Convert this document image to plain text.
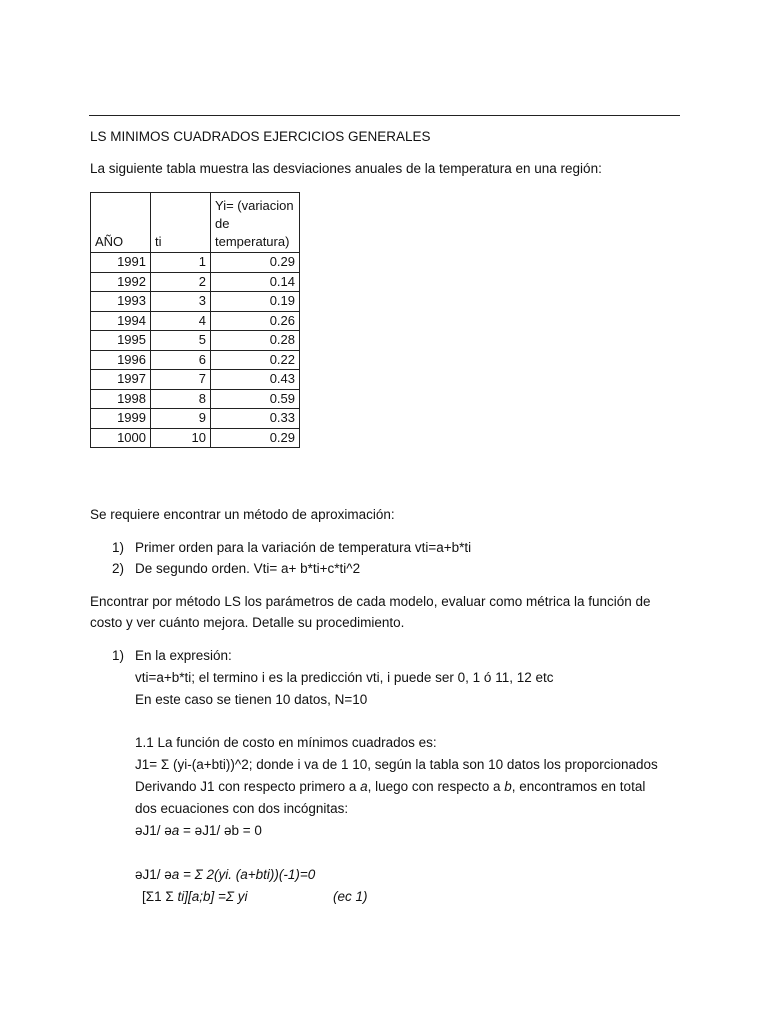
LS MINIMOS CUADRADOS EJERCICIOS GENERALES
La siguiente tabla muestra las desviaciones anuales de la temperatura en una región:
AÑO	ti	Yi= (variacion de temperatura)
1991	1	0.29
1992	2	0.14
1993	3	0.19
1994	4	0.26
1995	5	0.28
1996	6	0.22
1997	7	0.43
1998	8	0.59
1999	9	0.33
1000	10	0.29
Se requiere encontrar un método de aproximación:
1) Primer orden para la variación de temperatura vti=a+b*ti
2) De segundo orden. Vti= a+ b*ti+c*ti^2
Encontrar por método LS los parámetros de cada modelo, evaluar como métrica la función de
costo y ver cuánto mejora. Detalle su procedimiento.
1) En la expresión:
vti=a+b*ti; el termino i es la predicción vti, i puede ser 0, 1 ó 11, 12 etc
En este caso se tienen 10 datos, N=10
1.1 La función de costo en mínimos cuadrados es:
J1= Σ (yi-(a+bti))^2; donde i va de 1 10, según la tabla son 10 datos los proporcionados
Derivando J1 con respecto primero a a, luego con respecto a b, encontramos en total
dos ecuaciones con dos incógnitas:
əJ1/ əa = əJ1/ əb = 0
əJ1/ əa = Σ 2(yi. (a+bti))(-1)=0
[Σ1 Σ ti][a;b] =Σ yi	(ec 1)
